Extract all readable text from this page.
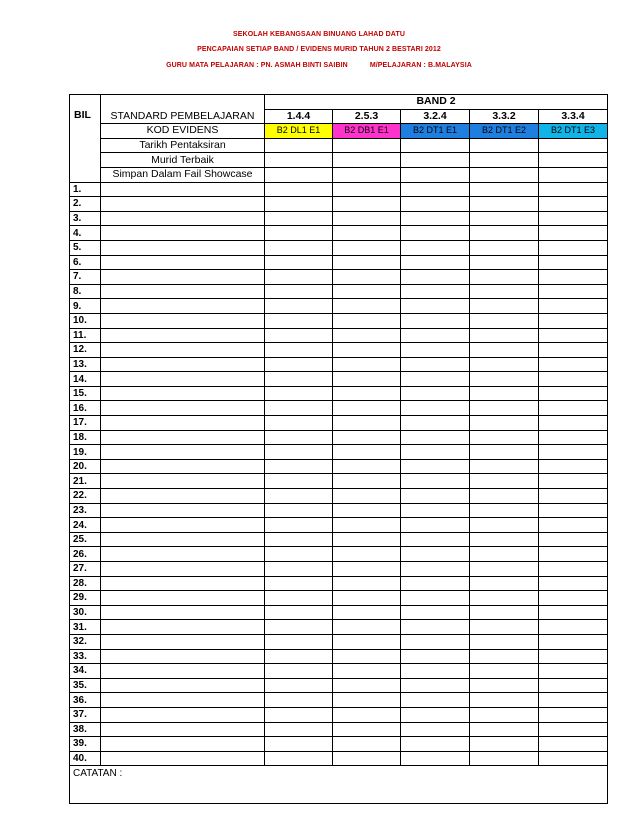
SEKOLAH KEBANGSAAN BINUANG LAHAD DATU
PENCAPAIAN SETIAP BAND / EVIDENS MURID TAHUN 2 BESTARI 2012
GURU MATA PELAJARAN : PN. ASMAH BINTI SAIBIN	M/PELAJARAN : B.MALAYSIA
BIL		BAND 2				
	STANDARD PEMBELAJARAN	1.4.4	2.5.3	3.2.4	3.3.2	3.3.4
	KOD EVIDENS	B2 DL1 E1	B2 DB1 E1	B2 DT1 E1	B2 DT1 E2	B2 DT1 E3
	Tarikh Pentaksiran					
	Murid Terbaik					
	Simpan Dalam Fail Showcase					
1.						
2.						
3.						
4.						
5.						
6.						
7.						
8.						
9.						
10.						
11.						
12.						
13.						
14.						
15.						
16.						
17.						
18.						
19.						
20.						
21.						
22.						
23.						
24.						
25.						
26.						
27.						
28.						
29.						
30.						
31.						
32.						
33.						
34.						
35.						
36.						
37.						
38.						
39.						
40.						
CATATAN :						
